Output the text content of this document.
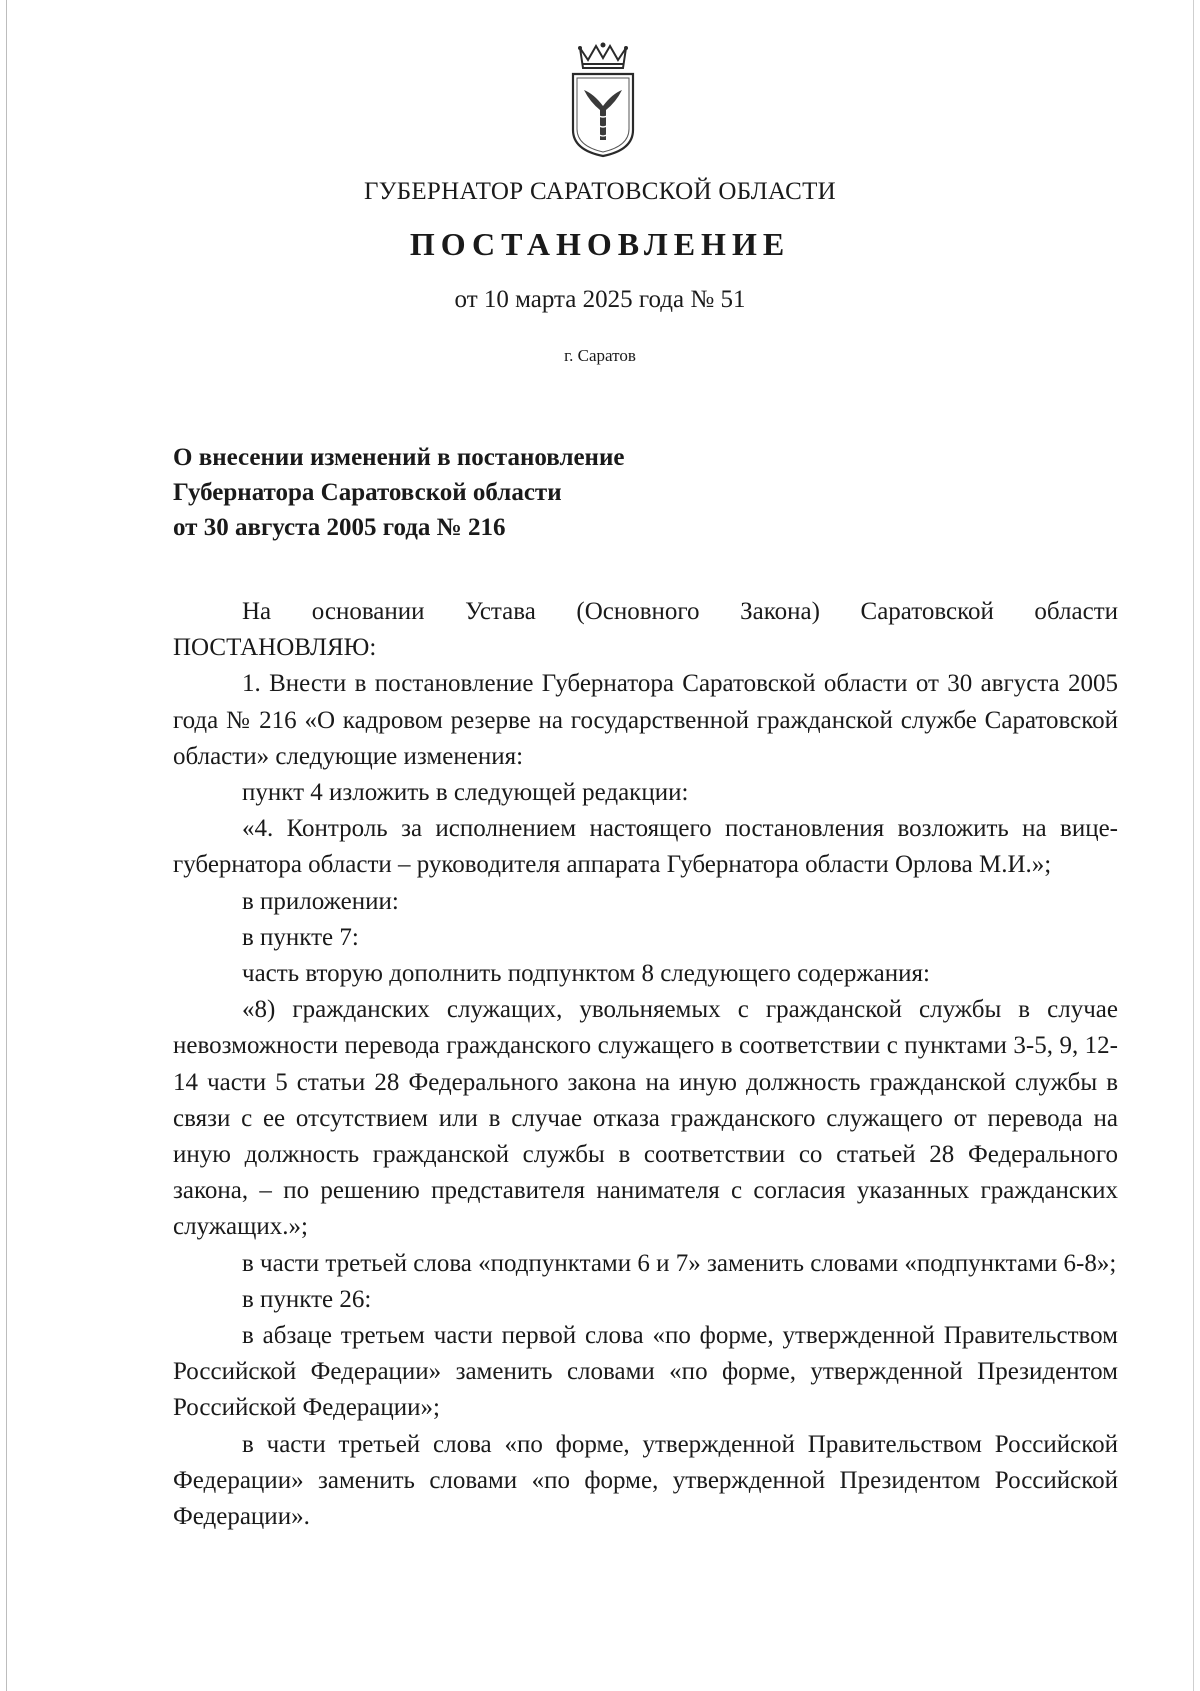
ГУБЕРНАТОР САРАТОВСКОЙ ОБЛАСТИ
ПОСТАНОВЛЕНИЕ
от 10 марта 2025 года № 51
г. Саратов
О внесении изменений в постановление
Губернатора Саратовской области
от 30 августа 2005 года № 216

На основании Устава (Основного Закона) Саратовской области ПОСТАНОВЛЯЮ:

1. Внести в постановление Губернатора Саратовской области от 30 августа 2005 года № 216 «О кадровом резерве на государственной гражданской службе Саратовской области» следующие изменения:

пункт 4 изложить в следующей редакции:

«4. Контроль за исполнением настоящего постановления возложить на вице-губернатора области – руководителя аппарата Губернатора области Орлова М.И.»;

в приложении:

в пункте 7:

часть вторую дополнить подпунктом 8 следующего содержания:

«8) гражданских служащих, увольняемых с гражданской службы в случае невозможности перевода гражданского служащего в соответствии с пунктами 3-5, 9, 12-14 части 5 статьи 28 Федерального закона на иную должность гражданской службы в связи с ее отсутствием или в случае отказа гражданского служащего от перевода на иную должность гражданской службы в соответствии со статьей 28 Федерального закона, – по решению представителя нанимателя с согласия указанных гражданских служащих.»;

в части третьей слова «подпунктами 6 и 7» заменить словами «подпунктами 6-8»;

в пункте 26:

в абзаце третьем части первой слова «по форме, утвержденной Правительством Российской Федерации» заменить словами «по форме, утвержденной Президентом Российской Федерации»;

в части третьей слова «по форме, утвержденной Правительством Российской Федерации» заменить словами «по форме, утвержденной Президентом Российской Федерации».
